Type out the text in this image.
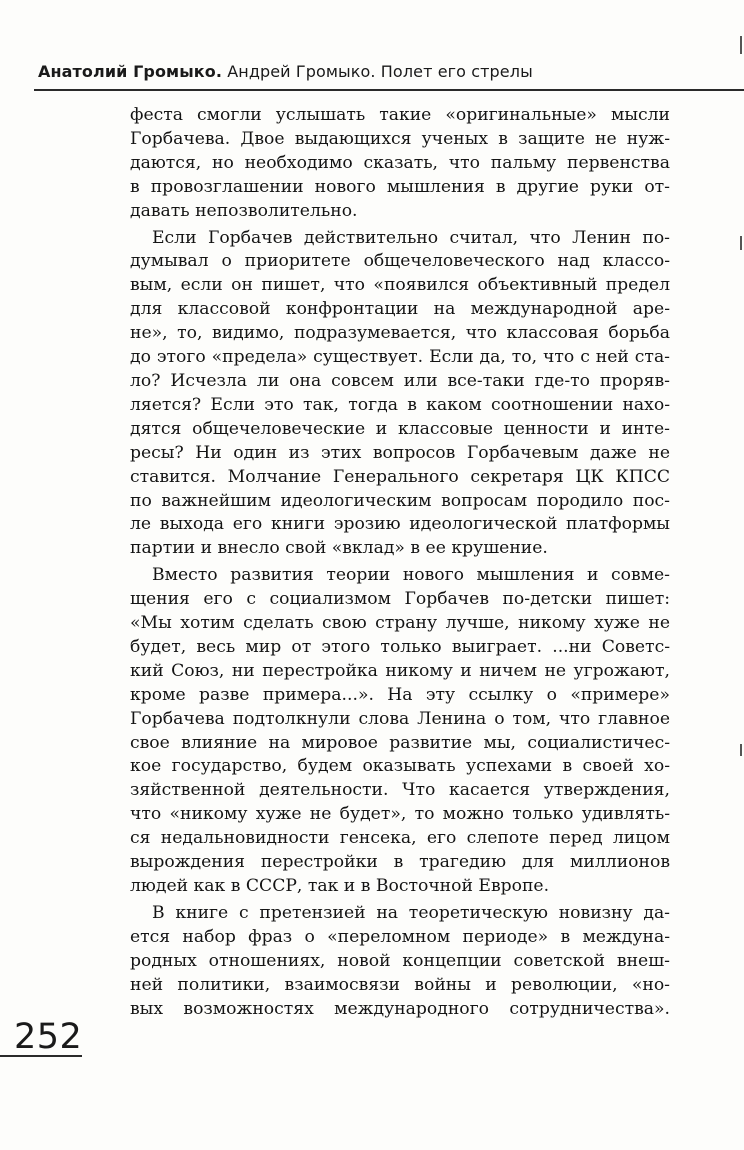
Анатолий Громыко. Андрей Громыко. Полет его стрелы
феста смогли услышать такие «оригинальные» мысли
Горбачева. Двое выдающихся ученых в защите не нуж-
даются, но необходимо сказать, что пальму первенства
в провозглашении нового мышления в другие руки от-
давать непозволительно.
Если Горбачев действительно считал, что Ленин по-
думывал о приоритете общечеловеческого над классо-
вым, если он пишет, что «появился объективный предел
для классовой конфронтации на международной аре-
не», то, видимо, подразумевается, что классовая борьба
до этого «предела» существует. Если да, то, что с ней ста-
ло? Исчезла ли она совсем или все-таки где-то проряв-
ляется? Если это так, тогда в каком соотношении нахо-
дятся общечеловеческие и классовые ценности и инте-
ресы? Ни один из этих вопросов Горбачевым даже не
ставится. Молчание Генерального секретаря ЦК КПСС
по важнейшим идеологическим вопросам породило пос-
ле выхода его книги эрозию идеологической платформы
партии и внесло свой «вклад» в ее крушение.
Вместо развития теории нового мышления и совме-
щения его с социализмом Горбачев по-детски пишет:
«Мы хотим сделать свою страну лучше, никому хуже не
будет, весь мир от этого только выиграет. ...ни Советс-
кий Союз, ни перестройка никому и ничем не угрожают,
кроме разве примера...». На эту ссылку о «примере»
Горбачева подтолкнули слова Ленина о том, что главное
свое влияние на мировое развитие мы, социалистичес-
кое государство, будем оказывать успехами в своей хо-
зяйственной деятельности. Что касается утверждения,
что «никому хуже не будет», то можно только удивлять-
ся недальновидности генсека, его слепоте перед лицом
вырождения перестройки в трагедию для миллионов
людей как в СССР, так и в Восточной Европе.
В книге с претензией на теоретическую новизну да-
ется набор фраз о «переломном периоде» в междуна-
родных отношениях, новой концепции советской внеш-
ней политики, взаимосвязи войны и революции, «но-
вых возможностях международного сотрудничества».
252
